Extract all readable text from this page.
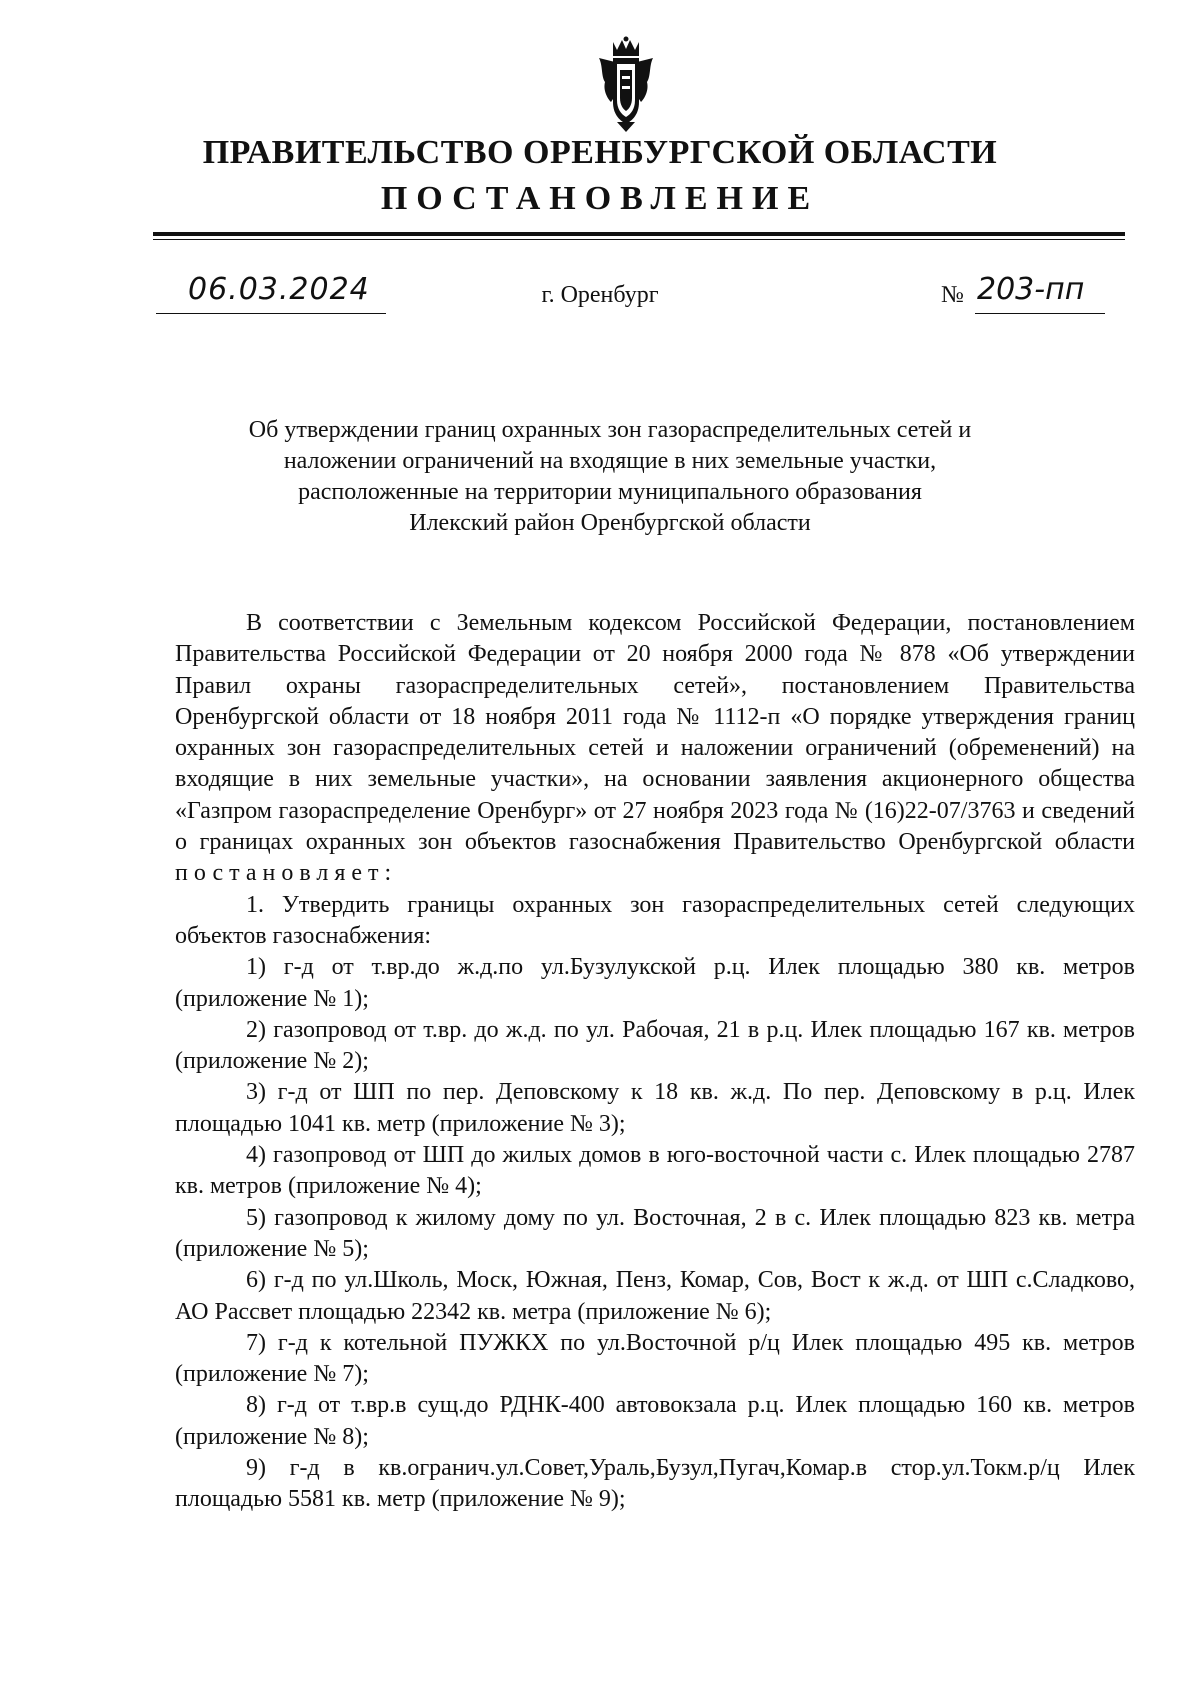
ПРАВИТЕЛЬСТВО ОРЕНБУРГСКОЙ ОБЛАСТИ
ПОСТАНОВЛЕНИЕ
06.03.2024	г. Оренбург	№ 203-пп
Об утверждении границ охранных зон газораспределительных сетей и
наложении ограничений на входящие в них земельные участки,
расположенные на территории муниципального образования
Илекский район Оренбургской области

В соответствии с Земельным кодексом Российской Федерации, постановлением Правительства Российской Федерации от 20 ноября 2000 года № 878 «Об утверждении Правил охраны газораспределительных сетей», постановлением Правительства Оренбургской области от 18 ноября 2011 года № 1112-п «О порядке утверждения границ охранных зон газораспределительных сетей и наложении ограничений (обременений) на входящие в них земельные участки», на основании заявления акционерного общества «Газпром газораспределение Оренбург» от 27 ноября 2023 года № (16)22-07/3763 и сведений о границах охранных зон объектов газоснабжения Правительство Оренбургской области постановляет:

1. Утвердить границы охранных зон газораспределительных сетей следующих объектов газоснабжения:

1) г-д от т.вр.до ж.д.по ул.Бузулукской р.ц. Илек площадью 380 кв. метров (приложение № 1);

2) газопровод от т.вр. до ж.д. по ул. Рабочая, 21 в р.ц. Илек площадью 167 кв. метров (приложение № 2);

3) г-д от ШП по пер. Деповскому к 18 кв. ж.д. По пер. Деповскому в р.ц. Илек площадью 1041 кв. метр (приложение № 3);

4) газопровод от ШП до жилых домов в юго-восточной части с. Илек площадью 2787 кв. метров (приложение № 4);

5) газопровод к жилому дому по ул. Восточная, 2 в с. Илек площадью 823 кв. метра (приложение № 5);

6) г-д по ул.Школь, Моск, Южная, Пенз, Комар, Сов, Вост к ж.д. от ШП с.Сладково, АО Рассвет площадью 22342 кв. метра (приложение № 6);

7) г-д к котельной ПУЖКХ по ул.Восточной р/ц Илек площадью 495 кв. метров (приложение № 7);

8) г-д от т.вр.в сущ.до РДНК-400 автовокзала р.ц. Илек площадью 160 кв. метров (приложение № 8);

9) г-д в кв.огранич.ул.Совет,Ураль,Бузул,Пугач,Комар.в стор.ул.Токм.р/ц Илек площадью 5581 кв. метр (приложение № 9);
